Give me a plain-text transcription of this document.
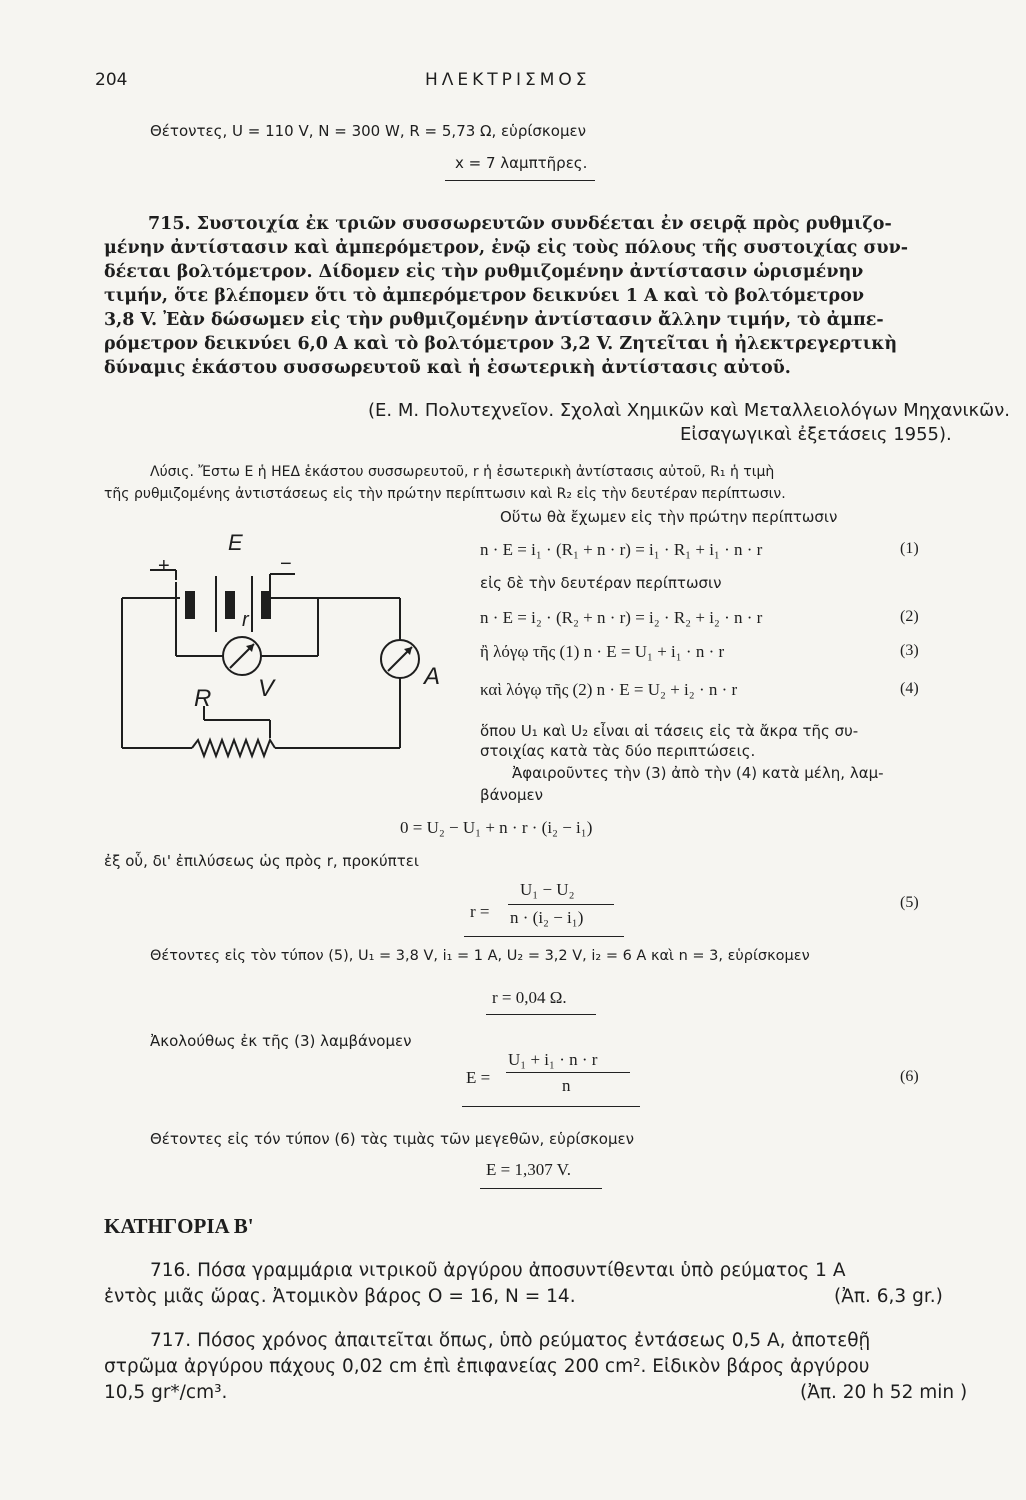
204	ΗΛΕΚΤΡΙΣΜΟΣ
Θέτοντες, U = 110 V, N = 300 W, R = 5,73 Ω, εὑρίσκομεν
x = 7 λαμπτῆρες.
715. Συστοιχία ἐκ τριῶν συσσωρευτῶν συνδέεται ἐν σειρᾷ πρὸς ρυθμιζο-
μένην ἀντίστασιν καὶ ἀμπερόμετρον, ἐνῷ εἰς τοὺς πόλους τῆς συστοιχίας συν-
δέεται βολτόμετρον. Δίδομεν εἰς τὴν ρυθμιζομένην ἀντίστασιν ὡρισμένην
τιμήν, ὅτε βλέπομεν ὅτι τὸ ἀμπερόμετρον δεικνύει 1 A καὶ τὸ βολτόμετρον
3,8 V. Ἐὰν δώσωμεν εἰς τὴν ρυθμιζομένην ἀντίστασιν ἄλλην τιμήν, τὸ ἀμπε-
ρόμετρον δεικνύει 6,0 A καὶ τὸ βολτόμετρον 3,2 V. Ζητεῖται ἡ ἠλεκτρεγερτικὴ
δύναμις ἑκάστου συσσωρευτοῦ καὶ ἡ ἐσωτερικὴ ἀντίστασις αὐτοῦ.
(Ε. Μ. Πολυτεχνεῖον. Σχολαὶ Χημικῶν καὶ Μεταλλειολόγων Μηχανικῶν.
Εἰσαγωγικαὶ ἐξετάσεις 1955).
Λύσις. Ἔστω E ἡ ΗΕΔ ἑκάστου συσσωρευτοῦ, r ἡ ἐσωτερικὴ ἀντίστασις αὐτοῦ, R₁ ἡ τιμὴ
τῆς ρυθμιζομένης ἀντιστάσεως εἰς τὴν πρώτην περίπτωσιν καὶ R₂ εἰς τὴν δευτέραν περίπτωσιν.
Οὕτω θὰ ἔχωμεν εἰς τὴν πρώτην περίπτωσιν
E
+	−
r
V	A
R
n · E = i₁ · (R₁ + n · r) = i₁ · R₁ + i₁ · n · r	(1)
εἰς δὲ τὴν δευτέραν περίπτωσιν
n · E = i₂ · (R₂ + n · r) = i₂ · R₂ + i₂ · n · r	(2)
ἢ λόγῳ τῆς (1) n · E = U₁ + i₁ · n · r	(3)
καὶ λόγῳ τῆς (2) n · E = U₂ + i₂ · n · r	(4)
ὅπου U₁ καὶ U₂ εἶναι αἱ τάσεις εἰς τὰ ἄκρα τῆς συ-
στοιχίας κατὰ τὰς δύο περιπτώσεις.
Ἀφαιροῦντες τὴν (3) ἀπὸ τὴν (4) κατὰ μέλη, λαμ-
βάνομεν
0 = U₂ − U₁ + n · r · (i₂ − i₁)
ἐξ οὗ, δι' ἐπιλύσεως ὡς πρὸς r, προκύπτει
r =
U₁ − U₂
n · (i₂ − i₁)
(5)
Θέτοντες εἰς τὸν τύπον (5), U₁ = 3,8 V, i₁ = 1 A, U₂ = 3,2 V, i₂ = 6 A καὶ n = 3, εὑρίσκομεν
r = 0,04 Ω.
Ἀκολούθως ἐκ τῆς (3) λαμβάνομεν
E =
U₁ + i₁ · n · r
n	(6)
Θέτοντες εἰς τόν τύπον (6) τὰς τιμὰς τῶν μεγεθῶν, εὑρίσκομεν
E = 1,307 V.
ΚΑΤΗΓΟΡΙΑ Β'
716. Πόσα γραμμάρια νιτρικοῦ ἀργύρου ἀποσυντίθενται ὑπὸ ρεύματος 1 A
ἐντὸς μιᾶς ὥρας. Ἀτομικὸν βάρος O = 16, N = 14.	(Ἀπ. 6,3 gr.)
717. Πόσος χρόνος ἀπαιτεῖται ὅπως, ὑπὸ ρεύματος ἐντάσεως 0,5 A, ἀποτεθῇ
στρῶμα ἀργύρου πάχους 0,02 cm ἐπὶ ἐπιφανείας 200 cm². Εἰδικὸν βάρος ἀργύρου
10,5 gr*/cm³.	(Ἀπ. 20 h 52 min )
